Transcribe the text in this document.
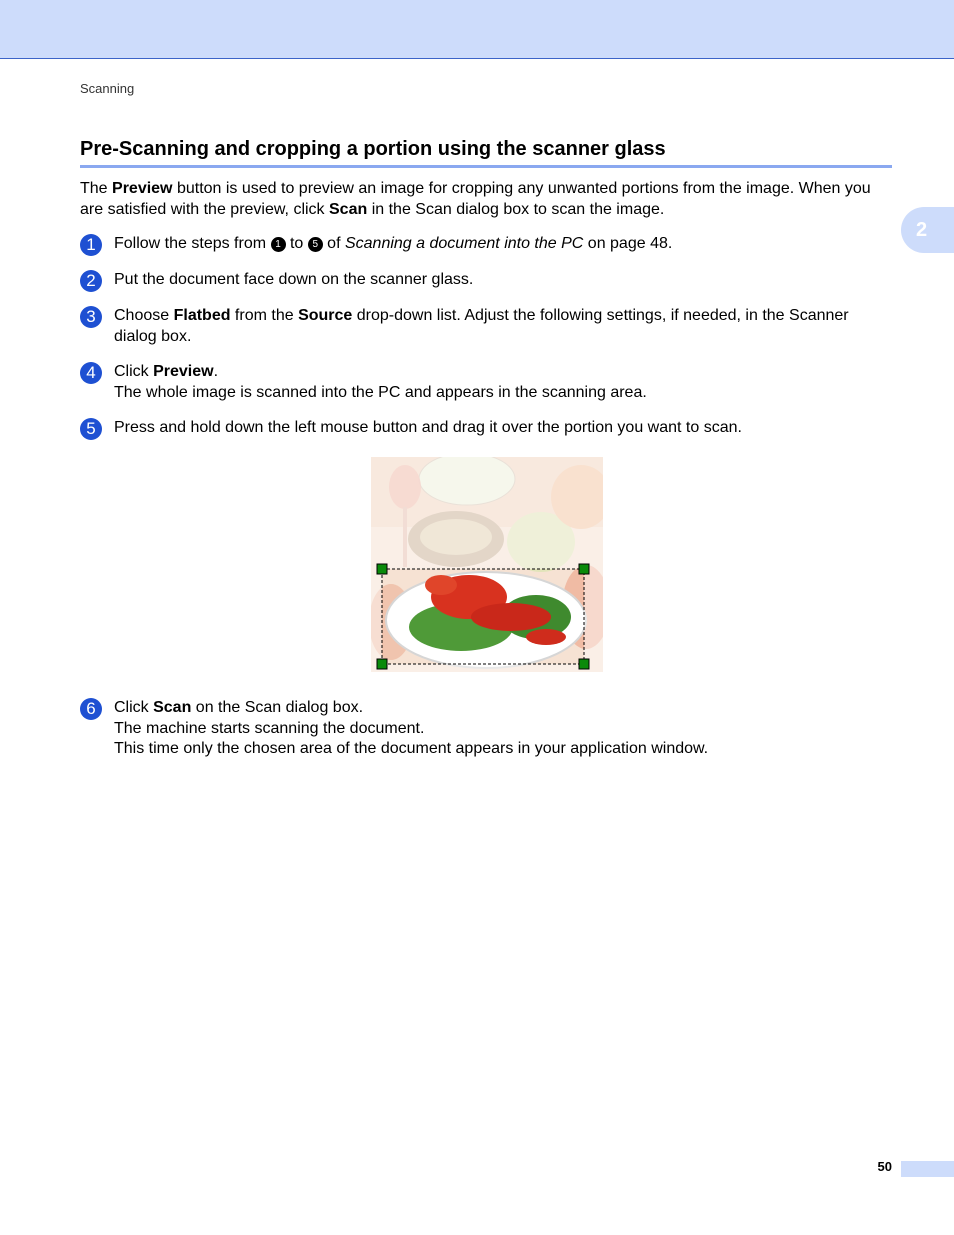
Scanning
2
Pre-Scanning and cropping a portion using the scanner glass

The Preview button is used to preview an image for cropping any unwanted portions from the image. When you are satisfied with the preview, click Scan in the Scan dialog box to scan the image.

1	Follow the steps from 1 to 5 of Scanning a document into the PC on page 48.

2	Put the document face down on the scanner glass.

3	Choose Flatbed from the Source drop-down list. Adjust the following settings, if needed, in the Scanner dialog box.

4	Click Preview.

The whole image is scanned into the PC and appears in the scanning area.

5	Press and hold down the left mouse button and drag it over the portion you want to scan.

6	Click Scan on the Scan dialog box.

The machine starts scanning the document.

This time only the chosen area of the document appears in your application window.

50
